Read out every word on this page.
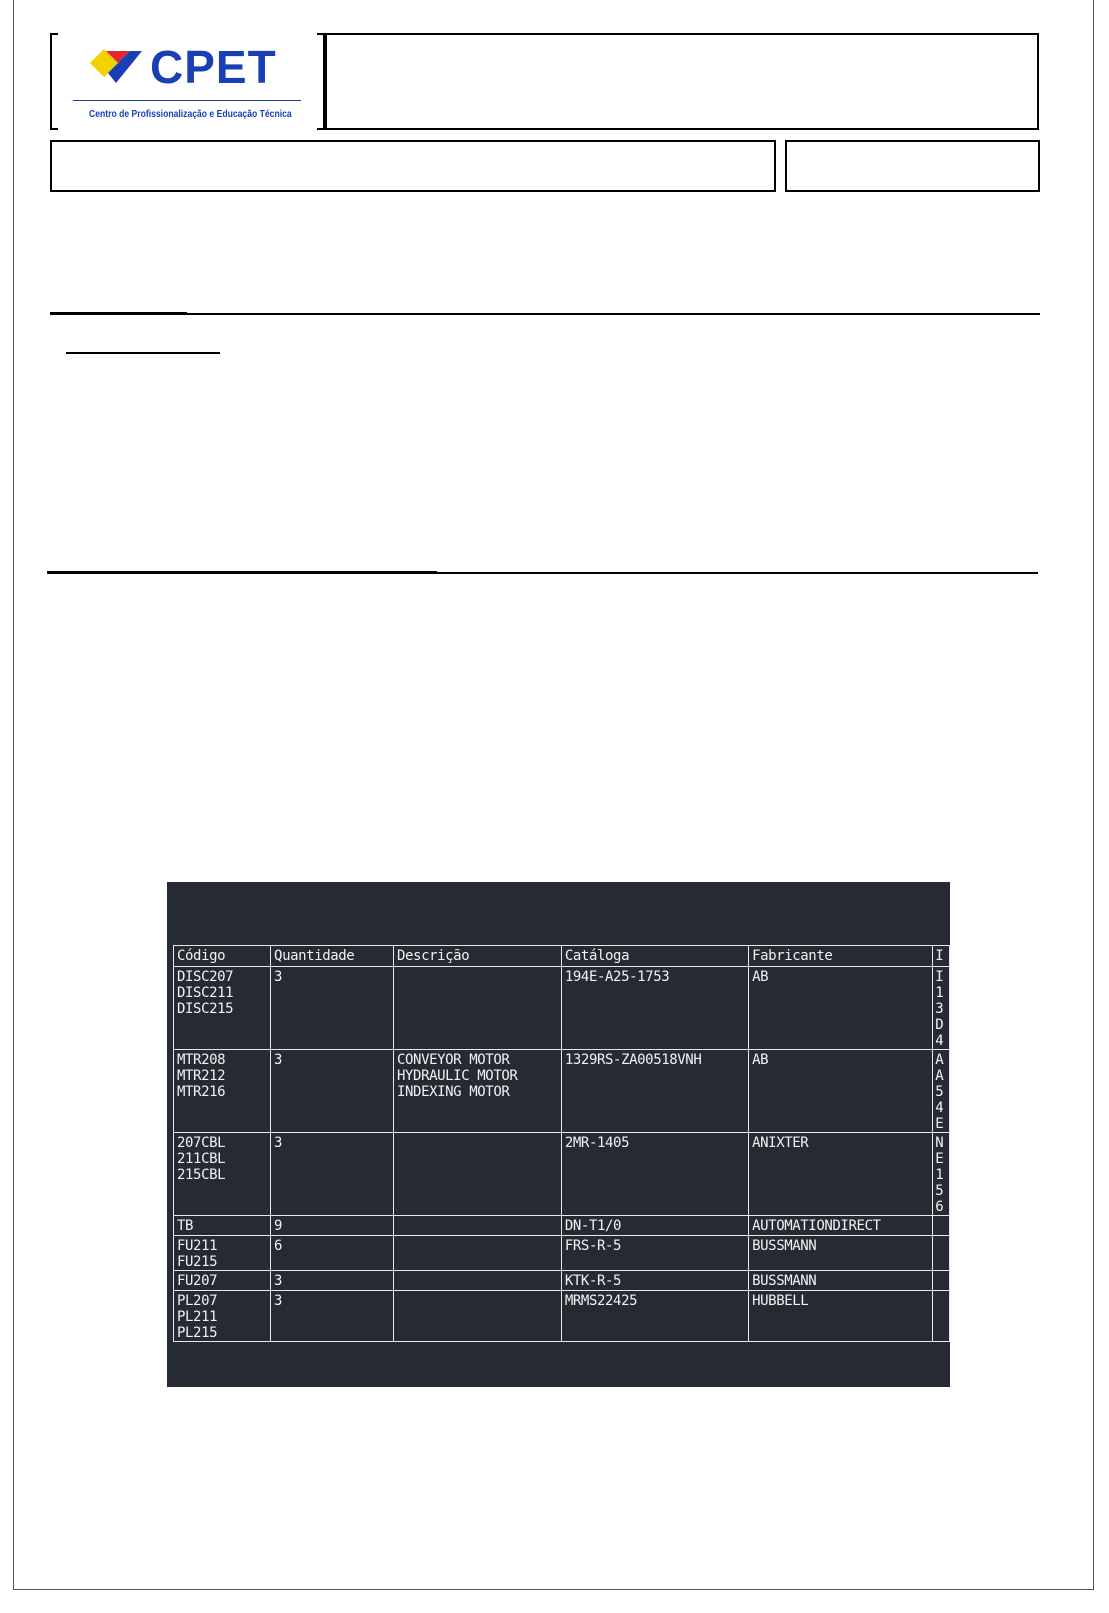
CPET
Centro de Profissionalização e Educação Técnica
Código	Quantidade	Descrição	Catáloga	Fabricante	I
DISC207
DISC211
DISC215	3		194E-A25-1753	AB	I
1
3
D
4
MTR208
MTR212
MTR216	3	CONVEYOR MOTOR
HYDRAULIC MOTOR
INDEXING MOTOR	1329RS-ZA00518VNH	AB	A
A
5
4
E
207CBL
211CBL
215CBL	3		2MR-1405	ANIXTER	N
E
1
5
6
TB	9		DN-T1/0	AUTOMATIONDIRECT	
FU211
FU215	6		FRS-R-5	BUSSMANN	
FU207	3		KTK-R-5	BUSSMANN	
PL207
PL211
PL215	3		MRMS22425	HUBBELL	
